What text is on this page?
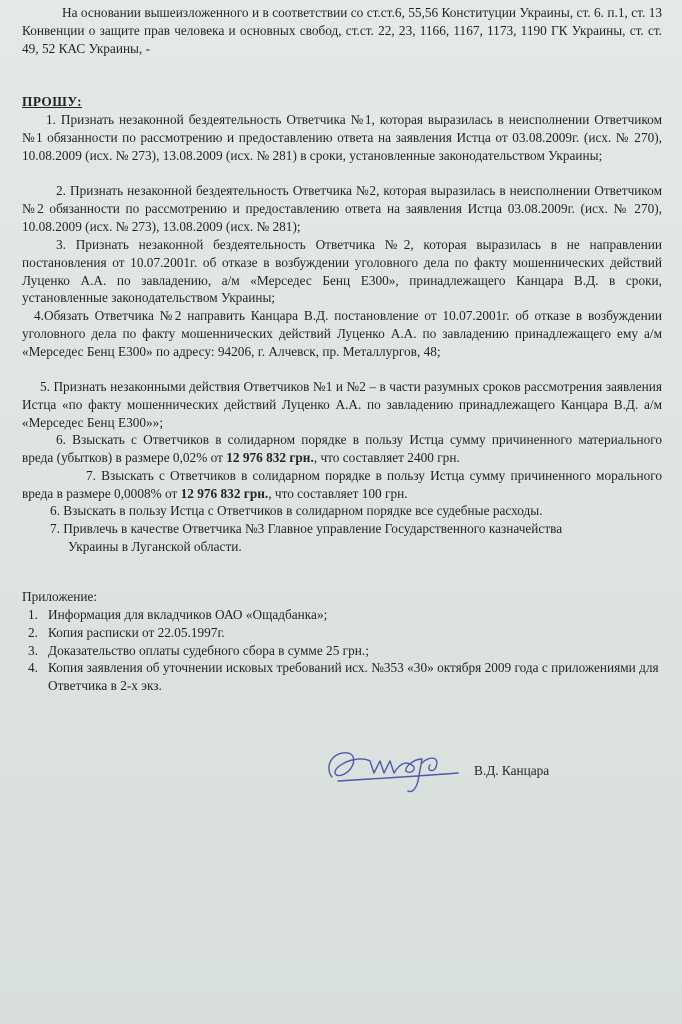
На основании вышеизложенного и в соответствии со ст.ст.6, 55,56 Конституции Украины, ст. 6. п.1, ст. 13 Конвенции о защите прав человека и основных свобод, ст.ст. 22, 23, 1166, 1167, 1173, 1190 ГК Украины, ст. ст. 49, 52 КАС Украины, -

ПРОШУ:

1. Признать незаконной бездеятельность Ответчика №1, которая выразилась в неисполнении Ответчиком №1 обязанности по рассмотрению и предоставлению ответа на заявления Истца от 03.08.2009г. (исх. № 270), 10.08.2009 (исх. № 273), 13.08.2009 (исх. № 281) в сроки, установленные законодательством Украины;

2. Признать незаконной бездеятельность Ответчика №2, которая выразилась в неисполнении Ответчиком №2 обязанности по рассмотрению и предоставлению ответа на заявления Истца 03.08.2009г. (исх. № 270), 10.08.2009 (исх. № 273), 13.08.2009 (исх. № 281);

3. Признать незаконной бездеятельность Ответчика №2, которая выразилась в не направлении постановления от 10.07.2001г. об отказе в возбуждении уголовного дела по факту мошеннических действий Луценко А.А. по завладению, а/м «Мерседес Бенц Е300», принадлежащего Канцара В.Д. в сроки, установленные законодательством Украины;

4.Обязать Ответчика №2 направить Канцара В.Д. постановление от 10.07.2001г. об отказе в возбуждении уголовного дела по факту мошеннических действий Луценко А.А. по завладению принадлежащего ему а/м «Мерседес Бенц Е300» по адресу: 94206, г. Алчевск, пр. Металлургов, 48;

5. Признать незаконными действия Ответчиков №1 и №2 – в части разумных сроков рассмотрения заявления Истца «по факту мошеннических действий Луценко А.А. по завладению принадлежащего Канцара В.Д. а/м «Мерседес Бенц Е300»»;

6. Взыскать с Ответчиков в солидарном порядке в пользу Истца сумму причиненного материального вреда (убытков) в размере 0,02% от 12 976 832 грн., что составляет 2400 грн.

7. Взыскать с Ответчиков в солидарном порядке в пользу Истца сумму причиненного морального вреда в размере 0,0008% от 12 976 832 грн., что составляет 100 грн.

6. Взыскать в пользу Истца с Ответчиков в солидарном порядке все судебные расходы.

7. Привлечь в качестве Ответчика №3 Главное управление Государственного казначейства

Украины в Луганской области.

Приложение:

1. Информация для вкладчиков ОАО «Ощадбанка»;
2. Копия расписки от 22.05.1997г.
3. Доказательство оплаты судебного сбора в сумме 25 грн.;
4. Копия заявления об уточнении исковых требований исх. №353 «30» октября 2009 года с приложениями для Ответчика в 2-х экз.
В.Д. Канцара
